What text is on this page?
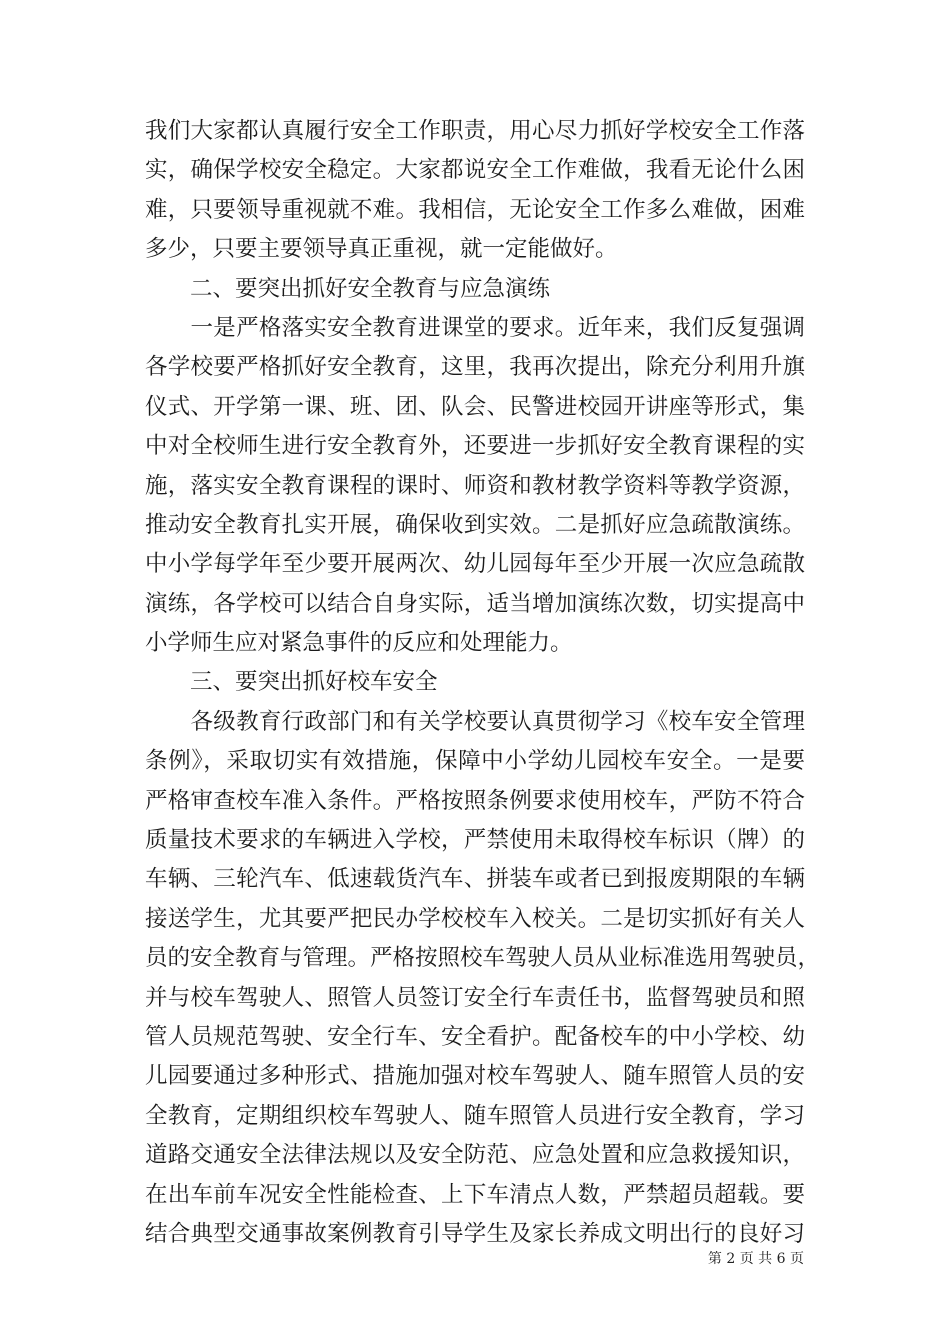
我们大家都认真履行安全工作职责，用心尽力抓好学校安全工作落
实，确保学校安全稳定。大家都说安全工作难做，我看无论什么困
难，只要领导重视就不难。我相信，无论安全工作多么难做，困难
多少，只要主要领导真正重视，就一定能做好。
　　二、要突出抓好安全教育与应急演练
　　一是严格落实安全教育进课堂的要求。近年来，我们反复强调
各学校要严格抓好安全教育，这里，我再次提出，除充分利用升旗
仪式、开学第一课、班、团、队会、民警进校园开讲座等形式，集
中对全校师生进行安全教育外，还要进一步抓好安全教育课程的实
施，落实安全教育课程的课时、师资和教材教学资料等教学资源，
推动安全教育扎实开展，确保收到实效。二是抓好应急疏散演练。
中小学每学年至少要开展两次、幼儿园每年至少开展一次应急疏散
演练，各学校可以结合自身实际，适当增加演练次数，切实提高中
小学师生应对紧急事件的反应和处理能力。
　　三、要突出抓好校车安全
　　各级教育行政部门和有关学校要认真贯彻学习《校车安全管理
条例》，采取切实有效措施，保障中小学幼儿园校车安全。一是要
严格审查校车准入条件。严格按照条例要求使用校车，严防不符合
质量技术要求的车辆进入学校，严禁使用未取得校车标识（牌）的
车辆、三轮汽车、低速载货汽车、拼装车或者已到报废期限的车辆
接送学生，尤其要严把民办学校校车入校关。二是切实抓好有关人
员的安全教育与管理。严格按照校车驾驶人员从业标准选用驾驶员，
并与校车驾驶人、照管人员签订安全行车责任书，监督驾驶员和照
管人员规范驾驶、安全行车、安全看护。配备校车的中小学校、幼
儿园要通过多种形式、措施加强对校车驾驶人、随车照管人员的安
全教育，定期组织校车驾驶人、随车照管人员进行安全教育，学习
道路交通安全法律法规以及安全防范、应急处置和应急救援知识，
在出车前车况安全性能检查、上下车清点人数，严禁超员超载。要
结合典型交通事故案例教育引导学生及家长养成文明出行的良好习
第 2 页 共 6 页
